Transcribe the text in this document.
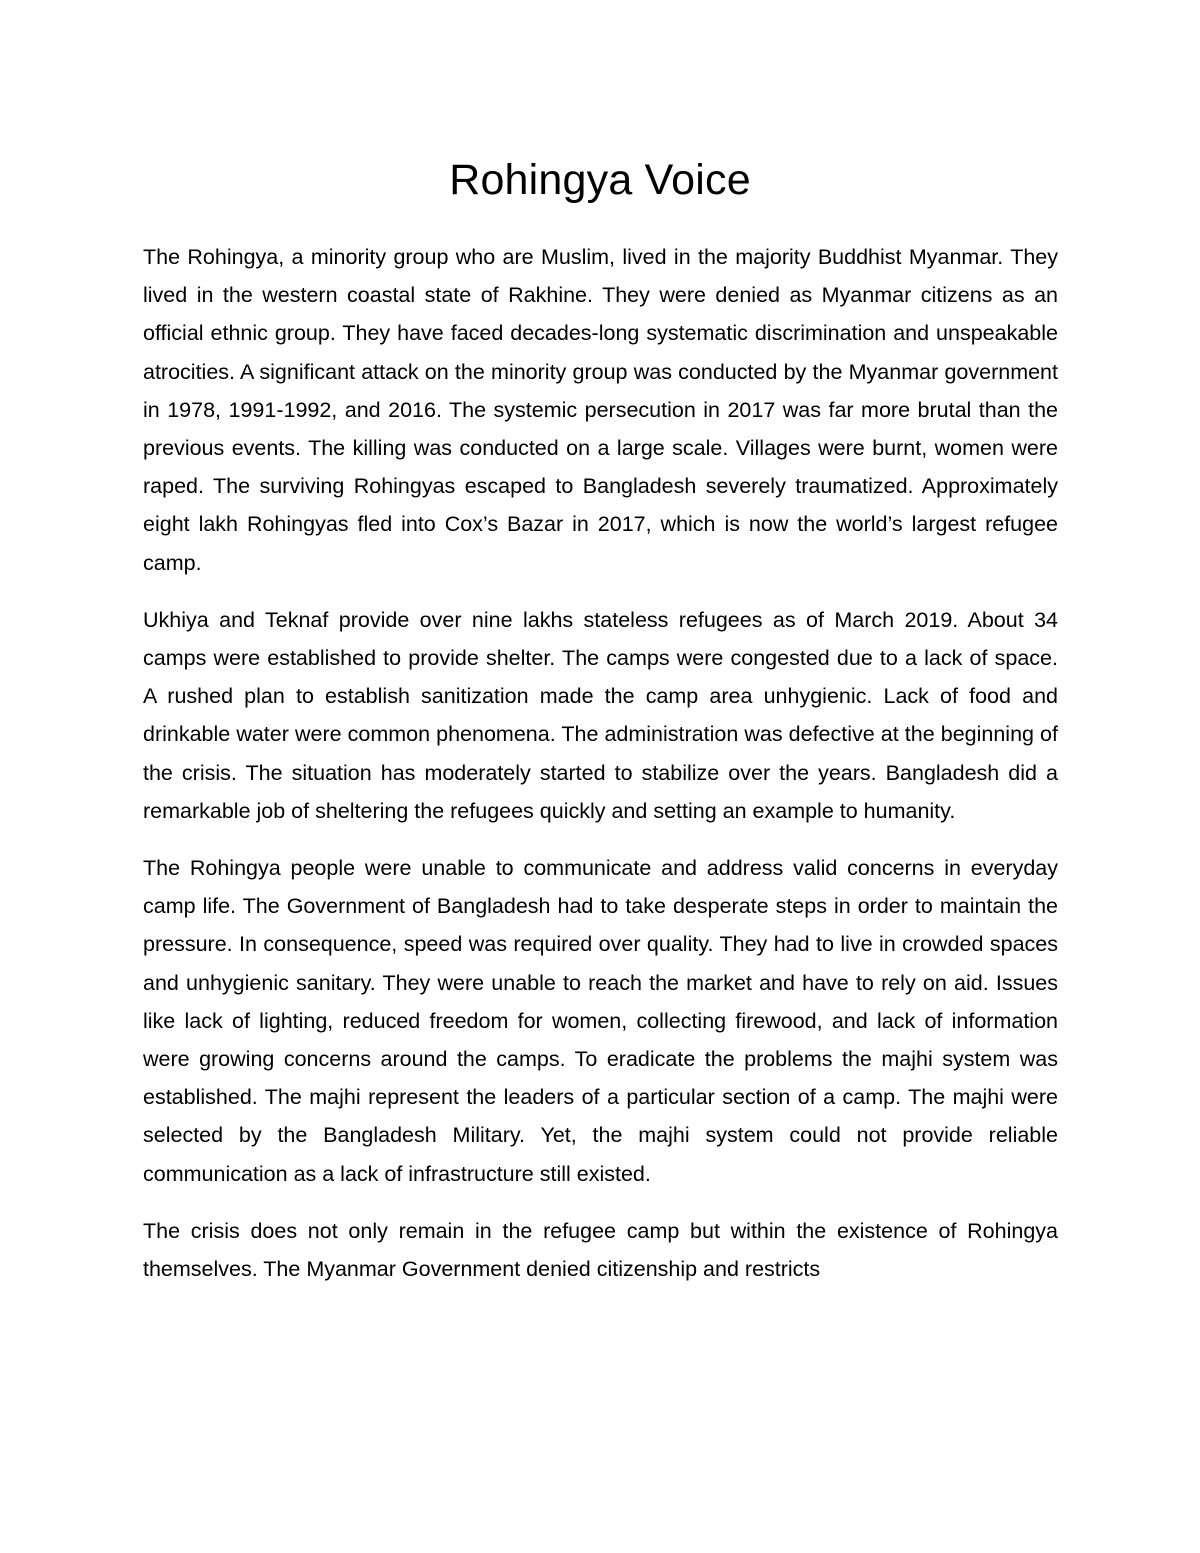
Rohingya Voice

The Rohingya, a minority group who are Muslim, lived in the majority Buddhist Myanmar. They lived in the western coastal state of Rakhine. They were denied as Myanmar citizens as an official ethnic group. They have faced decades-long systematic discrimination and unspeakable atrocities. A significant attack on the minority group was conducted by the Myanmar government in 1978, 1991-1992, and 2016. The systemic persecution in 2017 was far more brutal than the previous events. The killing was conducted on a large scale. Villages were burnt, women were raped. The surviving Rohingyas escaped to Bangladesh severely traumatized. Approximately eight lakh Rohingyas fled into Cox’s Bazar in 2017, which is now the world’s largest refugee camp.

Ukhiya and Teknaf provide over nine lakhs stateless refugees as of March 2019. About 34 camps were established to provide shelter. The camps were congested due to a lack of space. A rushed plan to establish sanitization made the camp area unhygienic. Lack of food and drinkable water were common phenomena. The administration was defective at the beginning of the crisis. The situation has moderately started to stabilize over the years. Bangladesh did a remarkable job of sheltering the refugees quickly and setting an example to humanity.

The Rohingya people were unable to communicate and address valid concerns in everyday camp life. The Government of Bangladesh had to take desperate steps in order to maintain the pressure. In consequence, speed was required over quality. They had to live in crowded spaces and unhygienic sanitary. They were unable to reach the market and have to rely on aid. Issues like lack of lighting, reduced freedom for women, collecting firewood, and lack of information were growing concerns around the camps. To eradicate the problems the majhi system was established. The majhi represent the leaders of a particular section of a camp. The majhi were selected by the Bangladesh Military. Yet, the majhi system could not provide reliable communication as a lack of infrastructure still existed.

The crisis does not only remain in the refugee camp but within the existence of Rohingya themselves. The Myanmar Government denied citizenship and restricts
